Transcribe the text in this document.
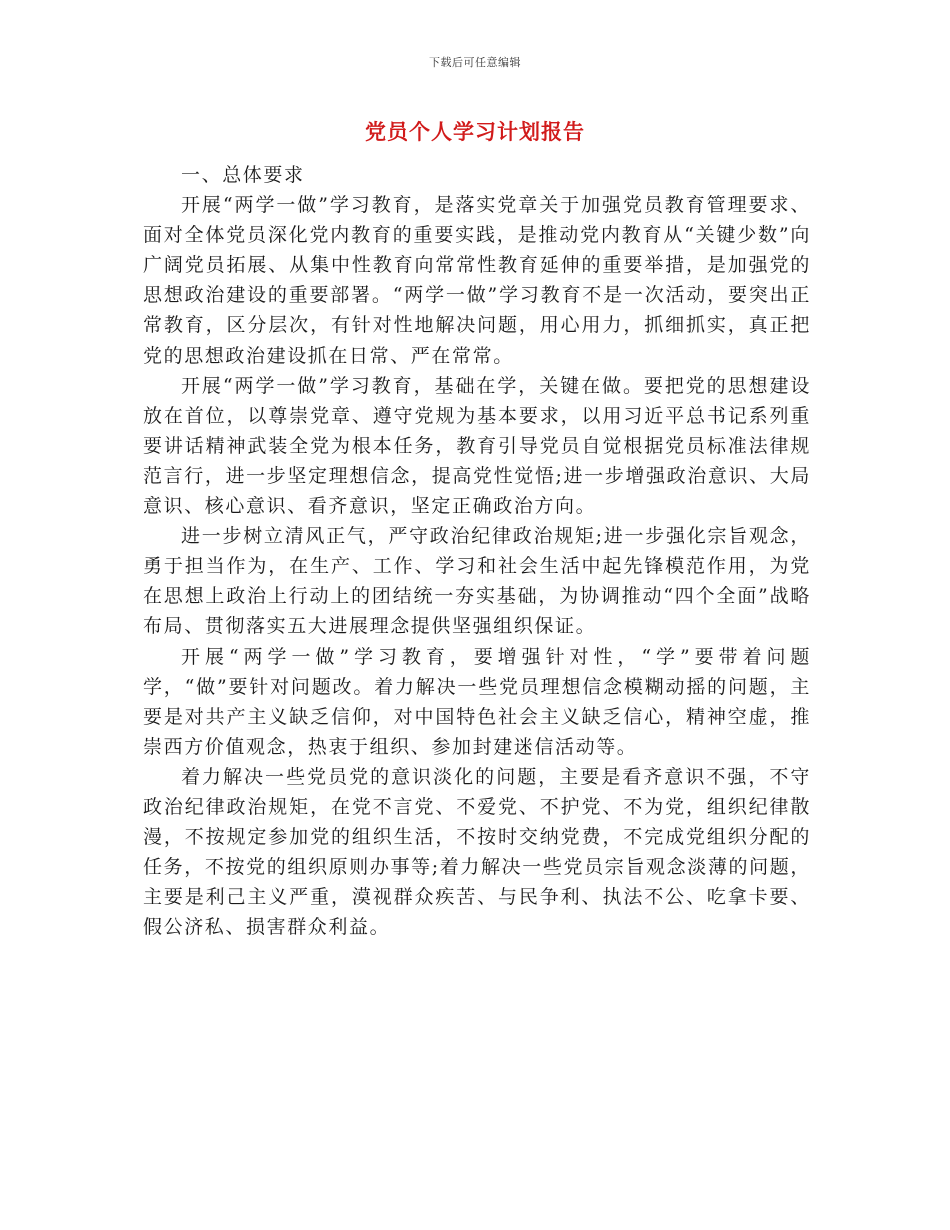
下载后可任意编辑
党员个人学习计划报告

一、总体要求

开展“两学一做”学习教育，是落实党章关于加强党员教育管理要求、面对全体党员深化党内教育的重要实践，是推动党内教育从“关键少数”向广阔党员拓展、从集中性教育向常常性教育延伸的重要举措，是加强党的思想政治建设的重要部署。“两学一做”学习教育不是一次活动，要突出正常教育，区分层次，有针对性地解决问题，用心用力，抓细抓实，真正把党的思想政治建设抓在日常、严在常常。

开展“两学一做”学习教育，基础在学，关键在做。要把党的思想建设放在首位，以尊崇党章、遵守党规为基本要求，以用习近平总书记系列重要讲话精神武装全党为根本任务，教育引导党员自觉根据党员标准法律规范言行，进一步坚定理想信念，提高党性觉悟;进一步增强政治意识、大局意识、核心意识、看齐意识，坚定正确政治方向。

进一步树立清风正气，严守政治纪律政治规矩;进一步强化宗旨观念，勇于担当作为，在生产、工作、学习和社会生活中起先锋模范作用，为党在思想上政治上行动上的团结统一夯实基础，为协调推动“四个全面”战略布局、贯彻落实五大进展理念提供坚强组织保证。

开展“两学一做”学习教育，要增强针对性，“学”要带着问题学，“做”要针对问题改。着力解决一些党员理想信念模糊动摇的问题，主要是对共产主义缺乏信仰，对中国特色社会主义缺乏信心，精神空虚，推崇西方价值观念，热衷于组织、参加封建迷信活动等。

着力解决一些党员党的意识淡化的问题，主要是看齐意识不强，不守政治纪律政治规矩，在党不言党、不爱党、不护党、不为党，组织纪律散漫，不按规定参加党的组织生活，不按时交纳党费，不完成党组织分配的任务，不按党的组织原则办事等;着力解决一些党员宗旨观念淡薄的问题，主要是利己主义严重，漠视群众疾苦、与民争利、执法不公、吃拿卡要、假公济私、损害群众利益。
